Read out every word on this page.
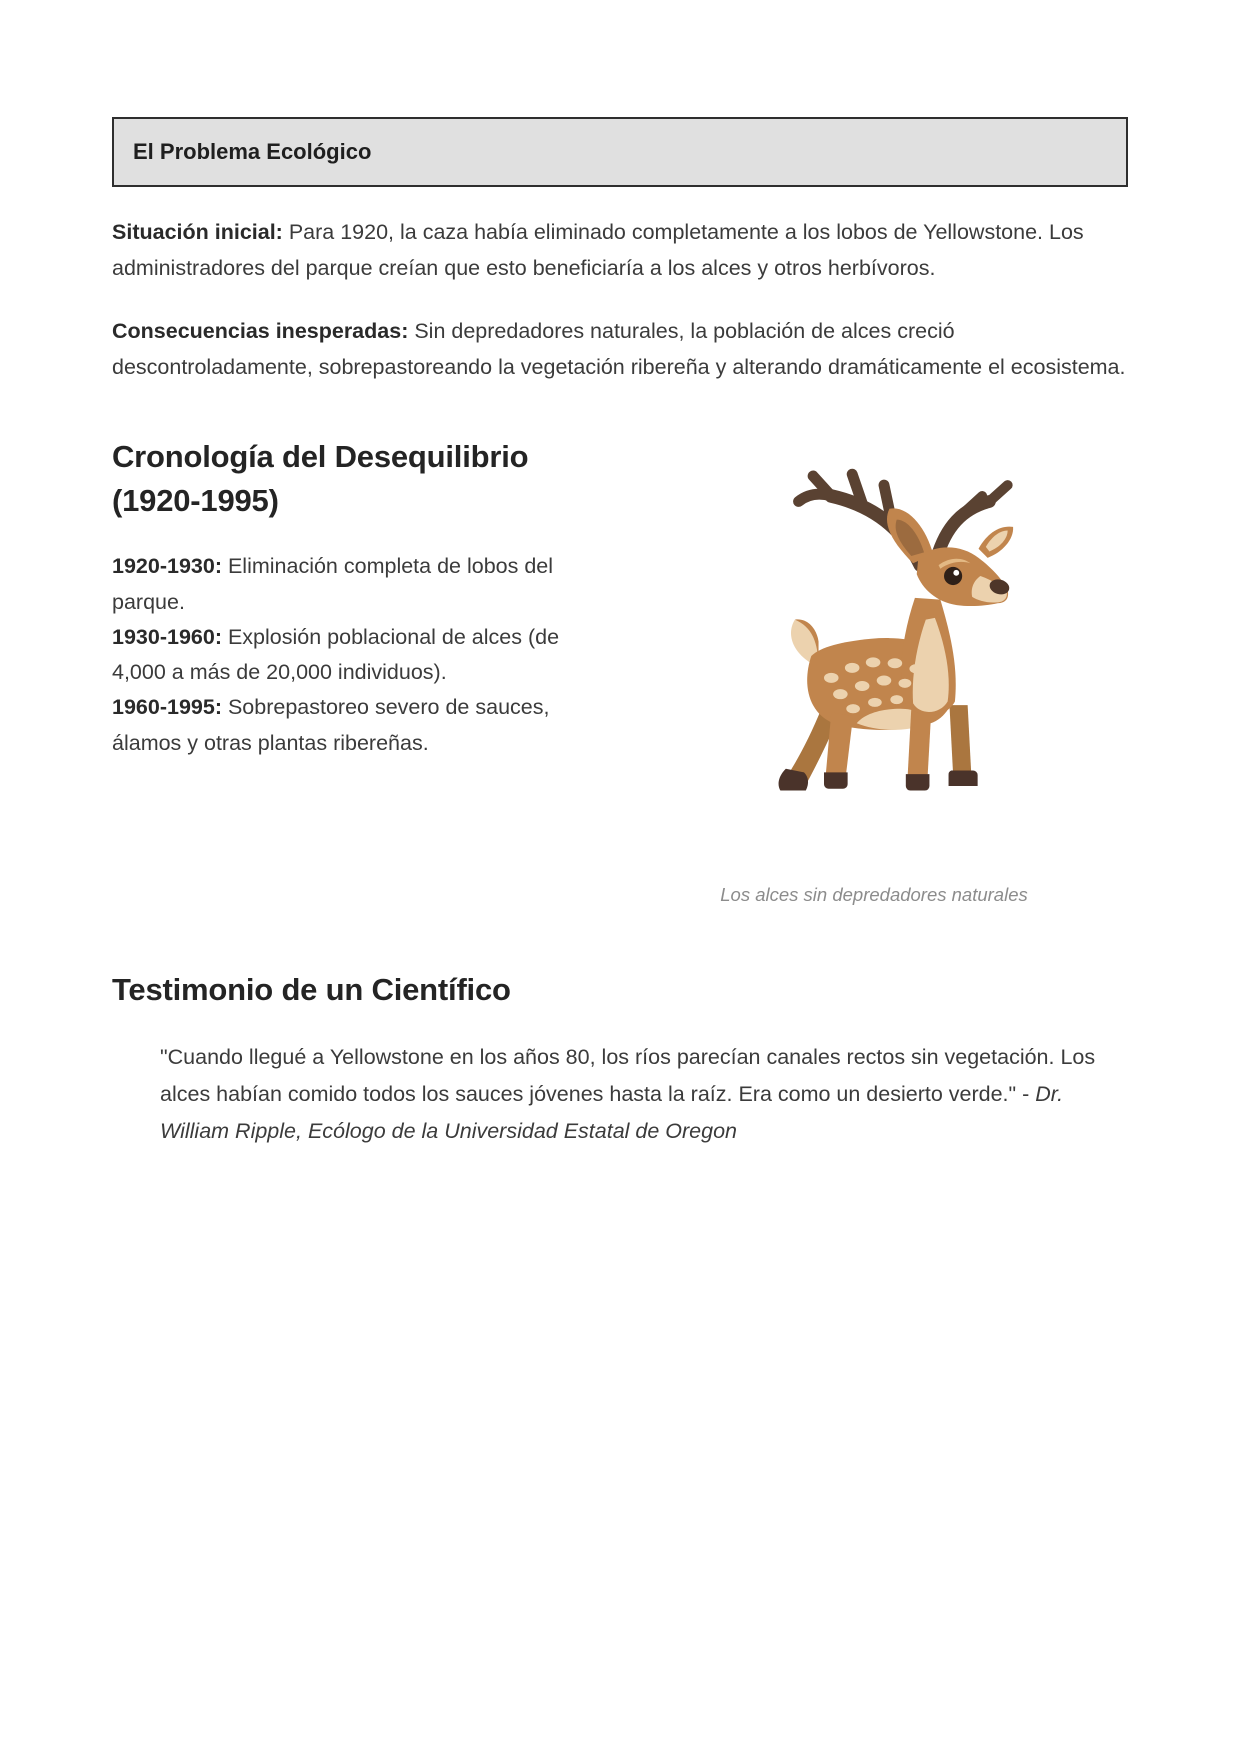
El Problema Ecológico

Situación inicial: Para 1920, la caza había eliminado completamente a los lobos de Yellowstone. Los administradores del parque creían que esto beneficiaría a los alces y otros herbívoros.

Consecuencias inesperadas: Sin depredadores naturales, la población de alces creció descontroladamente, sobrepastoreando la vegetación ribereña y alterando dramáticamente el ecosistema.

Cronología del Desequilibrio (1920-1995)
1920-1930: Eliminación completa de lobos del parque.
1930-1960: Explosión poblacional de alces (de 4,000 a más de 20,000 individuos).
1960-1995: Sobrepastoreo severo de sauces, álamos y otras plantas ribereñas.
Los alces sin depredadores naturales
Testimonio de un Científico
"Cuando llegué a Yellowstone en los años 80, los ríos parecían canales rectos sin vegetación. Los alces habían comido todos los sauces jóvenes hasta la raíz. Era como un desierto verde." - Dr. William Ripple, Ecólogo de la Universidad Estatal de Oregon
